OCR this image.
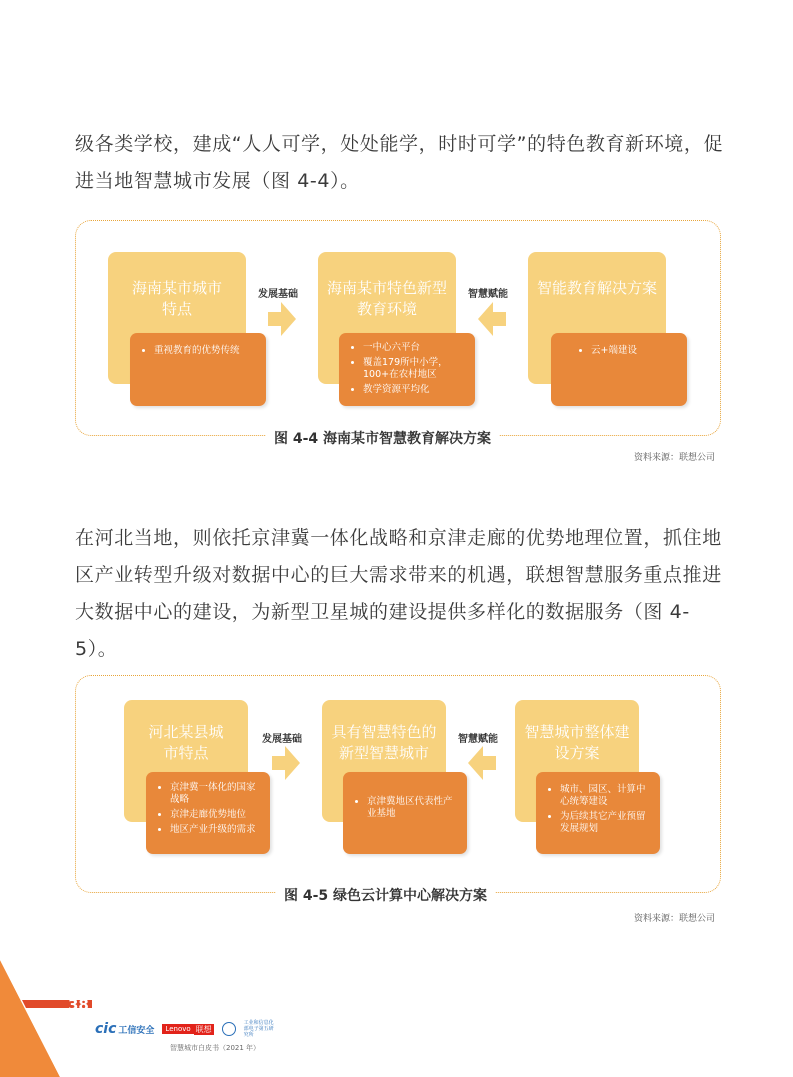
级各类学校，建成“人人可学，处处能学，时时可学”的特色教育新环境，促进当地智慧城市发展（图 4-4）。

海南某市城市特点
• 重视教育的优势传统
发展基础	海南某市特色新型教育环境
• 一中心六平台
• 覆盖179所中小学，100+在农村地区
• 教学资源平均化
智慧赋能	智能教育解决方案
• 云+端建设
图 4-4 海南某市智慧教育解决方案
资料来源：联想公司

在河北当地，则依托京津冀一体化战略和京津走廊的优势地理位置，抓住地区产业转型升级对数据中心的巨大需求带来的机遇，联想智慧服务重点推进大数据中心的建设，为新型卫星城的建设提供多样化的数据服务（图 4-5）。

河北某县城市特点
• 京津冀一体化的国家战略
• 京津走廊优势地位
• 地区产业升级的需求
发展基础	具有智慧特色的新型智慧城市
• 京津冀地区代表性产业基地
智慧赋能	智慧城市整体建设方案
• 城市、园区、计算中心统筹建设
• 为后续其它产业预留发展规划
图 4-5 绿色云计算中心解决方案
资料来源：联想公司
38
cic 工信安全	Lenovo 联想
工业和信息化部电子第五研究所
智慧城市白皮书（2021 年）
